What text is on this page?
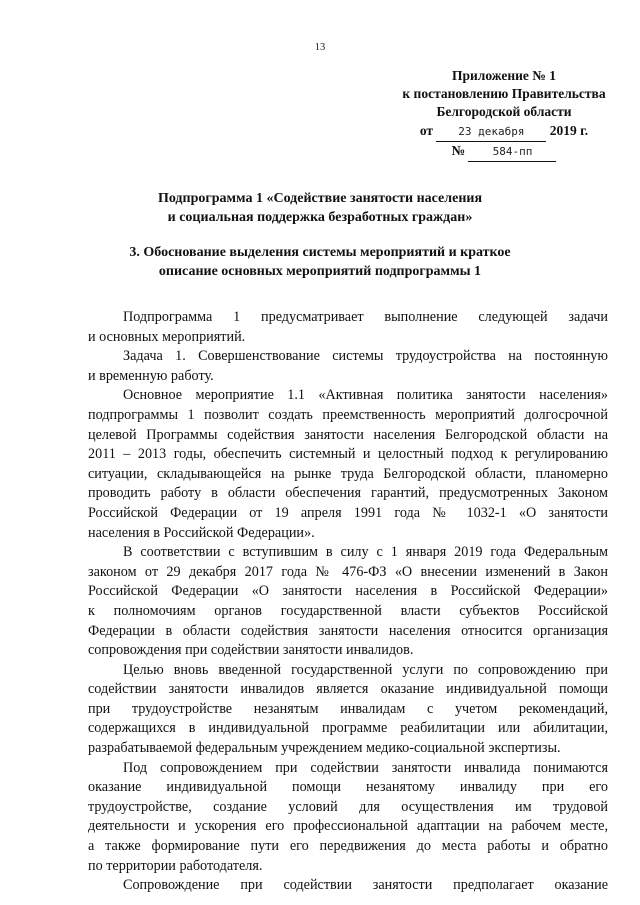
13
Приложение № 1
к постановлению Правительства
Белгородской области
от 23 декабря 2019 г.
№	584-пп
Подпрограмма 1 «Содействие занятости населения
и социальная поддержка безработных граждан»
3. Обоснование выделения системы мероприятий и краткое
описание основных мероприятий подпрограммы 1
Подпрограмма 1 предусматривает выполнение следующей задачи
и основных мероприятий.
Задача 1. Совершенствование системы трудоустройства на постоянную
и временную работу.
Основное мероприятие 1.1 «Активная политика занятости населения»
подпрограммы 1 позволит создать преемственность мероприятий долгосрочной
целевой Программы содействия занятости населения Белгородской области на
2011 – 2013 годы, обеспечить системный и целостный подход к регулированию
ситуации, складывающейся на рынке труда Белгородской области, планомерно
проводить работу в области обеспечения гарантий, предусмотренных Законом
Российской Федерации от 19 апреля 1991 года № 1032-1 «О занятости
населения в Российской Федерации».
В соответствии с вступившим в силу с 1 января 2019 года Федеральным
законом от 29 декабря 2017 года № 476-ФЗ «О внесении изменений в Закон
Российской Федерации «О занятости населения в Российской Федерации»
к полномочиям органов государственной власти субъектов Российской
Федерации в области содействия занятости населения относится организация
сопровождения при содействии занятости инвалидов.
Целью вновь введенной государственной услуги по сопровождению при
содействии занятости инвалидов является оказание индивидуальной помощи
при трудоустройстве незанятым инвалидам с учетом рекомендаций,
содержащихся в индивидуальной программе реабилитации или абилитации,
разрабатываемой федеральным учреждением медико-социальной экспертизы.
Под сопровождением при содействии занятости инвалида понимаются
оказание индивидуальной помощи незанятому инвалиду при его
трудоустройстве, создание условий для осуществления им трудовой
деятельности и ускорения его профессиональной адаптации на рабочем месте,
а также формирование пути его передвижения до места работы и обратно
по территории работодателя.
Сопровождение при содействии занятости предполагает оказание
